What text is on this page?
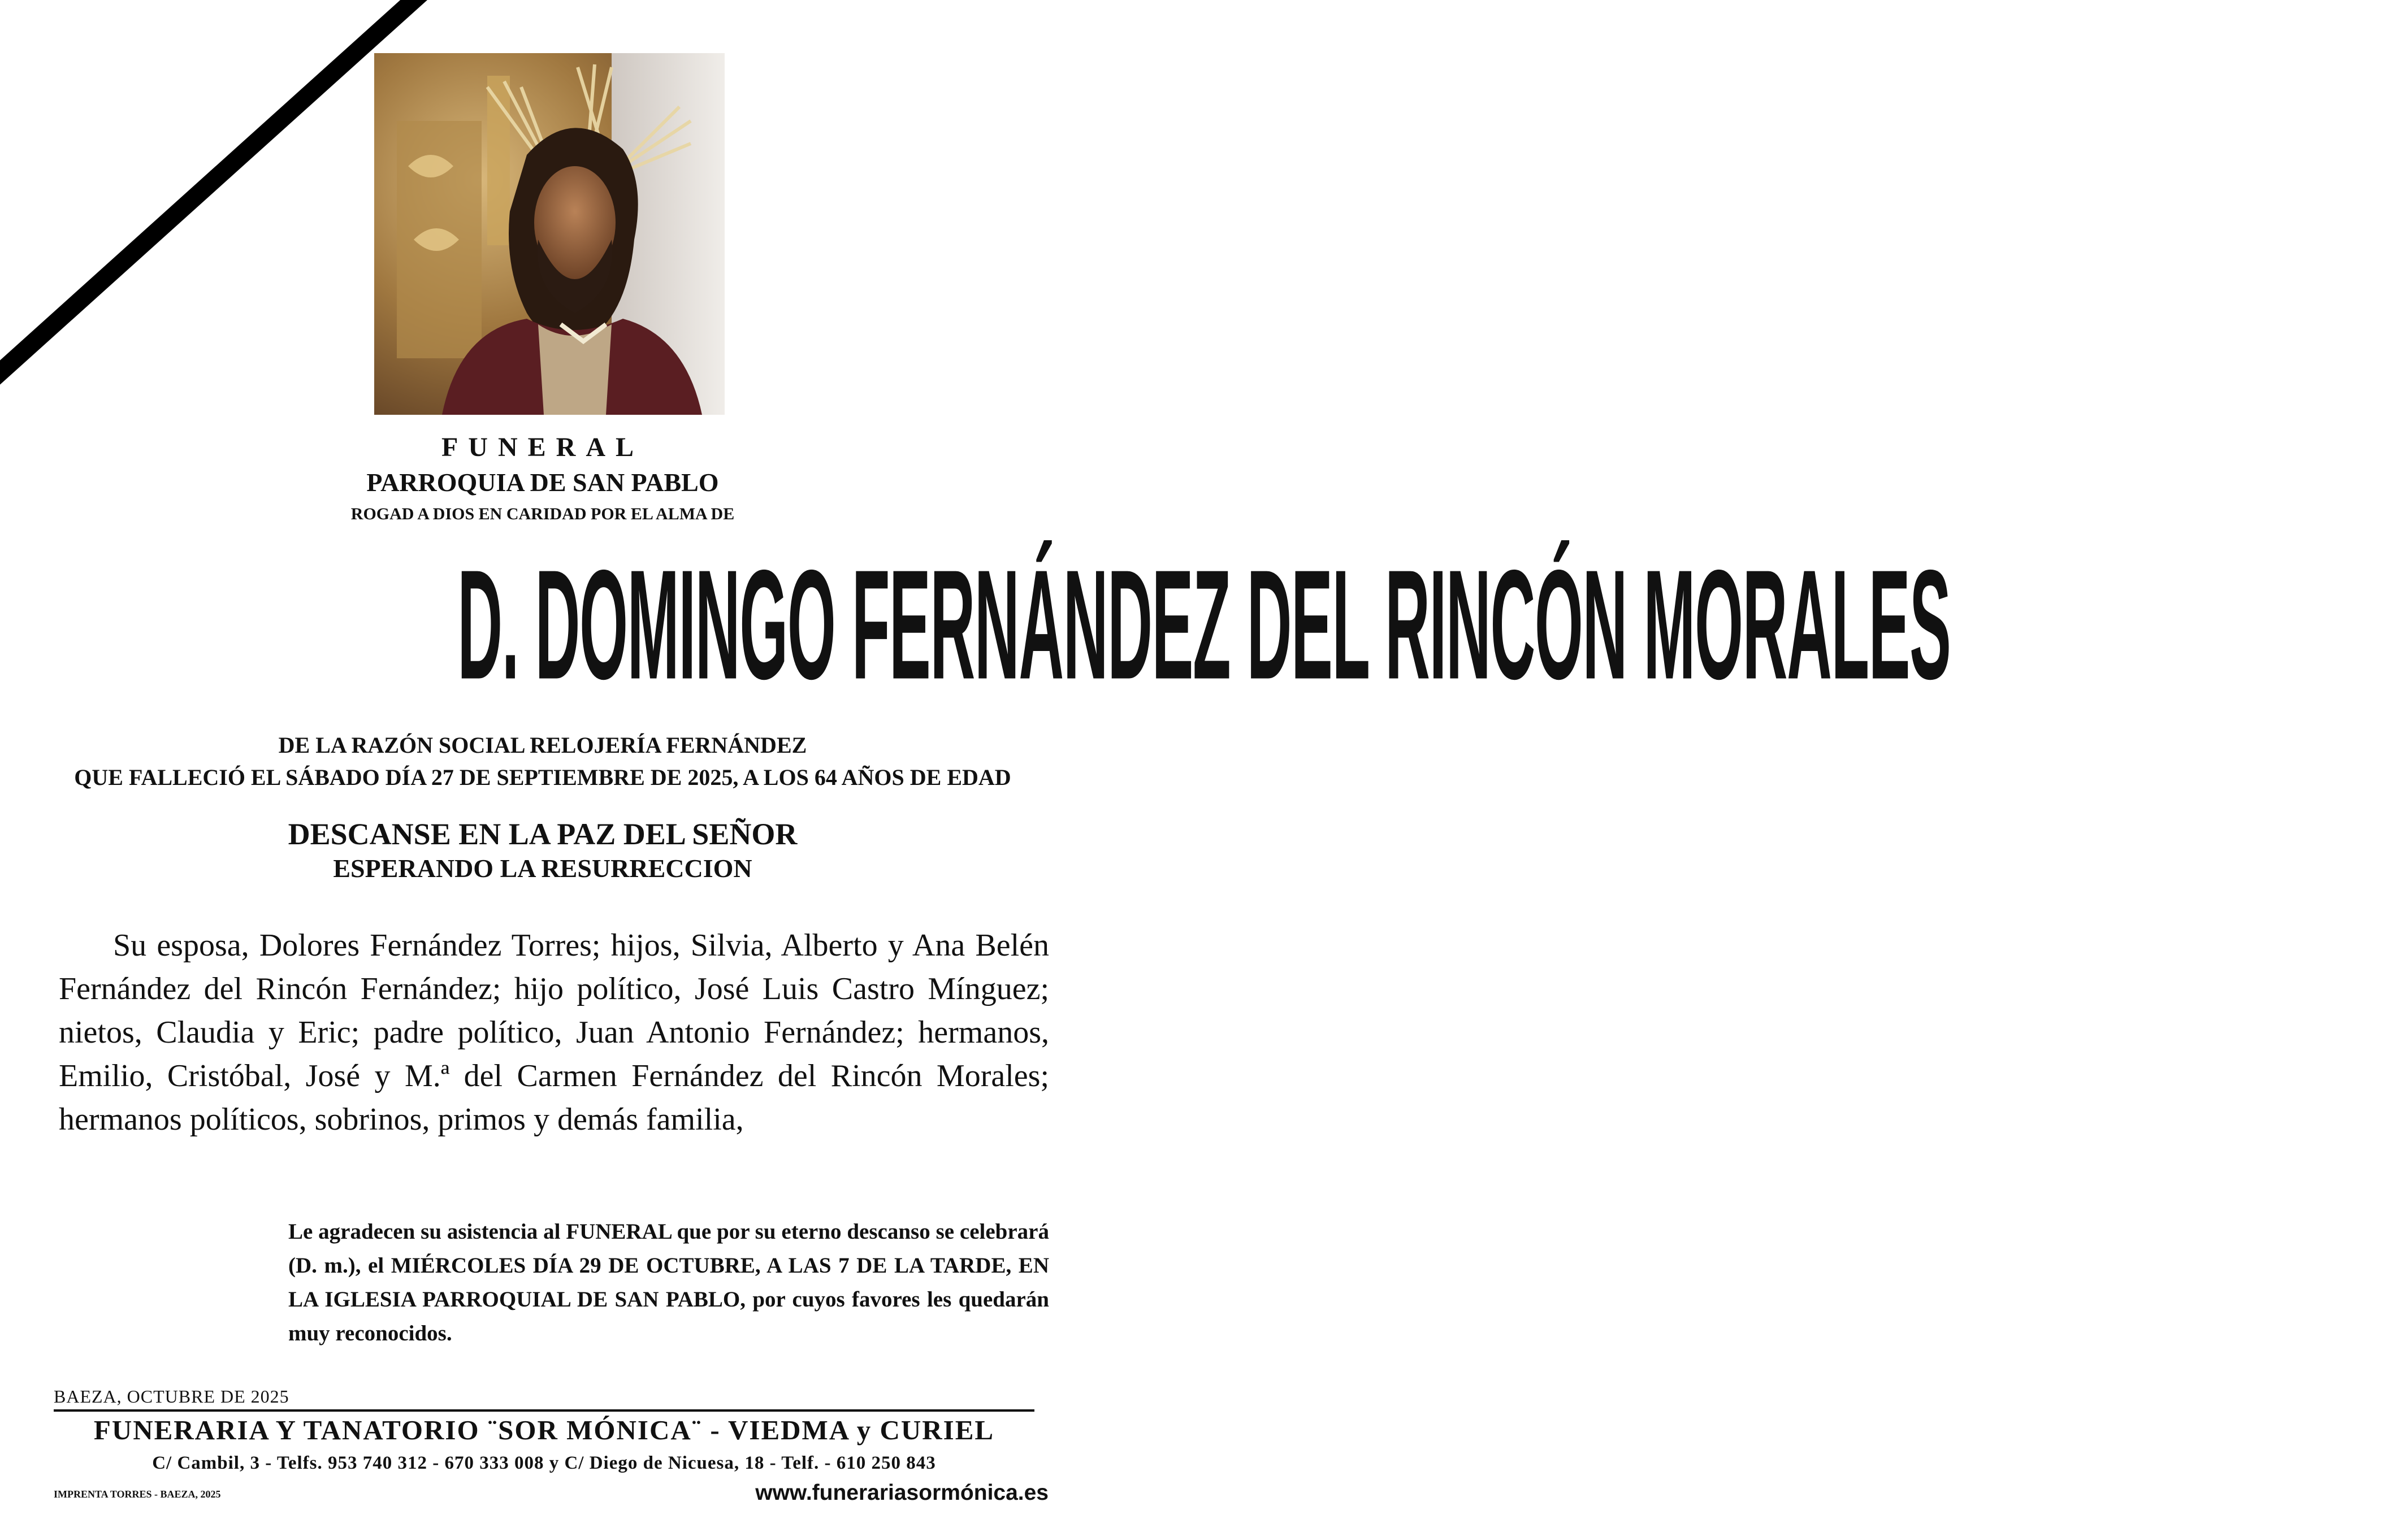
FUNERAL
PARROQUIA DE SAN PABLO
ROGAD A DIOS EN CARIDAD POR EL ALMA DE
D. DOMINGO FERNÁNDEZ DEL RINCÓN MORALES
DE LA RAZÓN SOCIAL RELOJERÍA FERNÁNDEZ
QUE FALLECIÓ EL SÁBADO DÍA 27 DE SEPTIEMBRE DE 2025, A LOS 64 AÑOS DE EDAD
DESCANSE EN LA PAZ DEL SEÑOR
ESPERANDO LA RESURRECCION
Su esposa, Dolores Fernández Torres; hijos, Silvia, Alberto y Ana Belén Fernández del Rincón Fernández; hijo político, José Luis Castro Mínguez; nietos, Claudia y Eric; padre político, Juan Antonio Fernández; hermanos, Emilio, Cristóbal, José y M.ª del Carmen Fernández del Rincón Morales; hermanos políticos, sobrinos, primos y demás familia,
Le agradecen su asistencia al FUNERAL que por su eterno descanso se celebrará (D. m.), el MIÉRCOLES DÍA 29 DE OCTUBRE, A LAS 7 DE LA TARDE, EN LA IGLESIA PARROQUIAL DE SAN PABLO, por cuyos favores les quedarán muy reconocidos.
BAEZA, OCTUBRE DE 2025
FUNERARIA Y TANATORIO ¨SOR MÓNICA¨ - VIEDMA y CURIEL
C/ Cambil, 3 - Telfs. 953 740 312 - 670 333 008 y C/ Diego de Nicuesa, 18 - Telf. - 610 250 843
IMPRENTA TORRES - BAEZA, 2025	www.funerariasormónica.es
